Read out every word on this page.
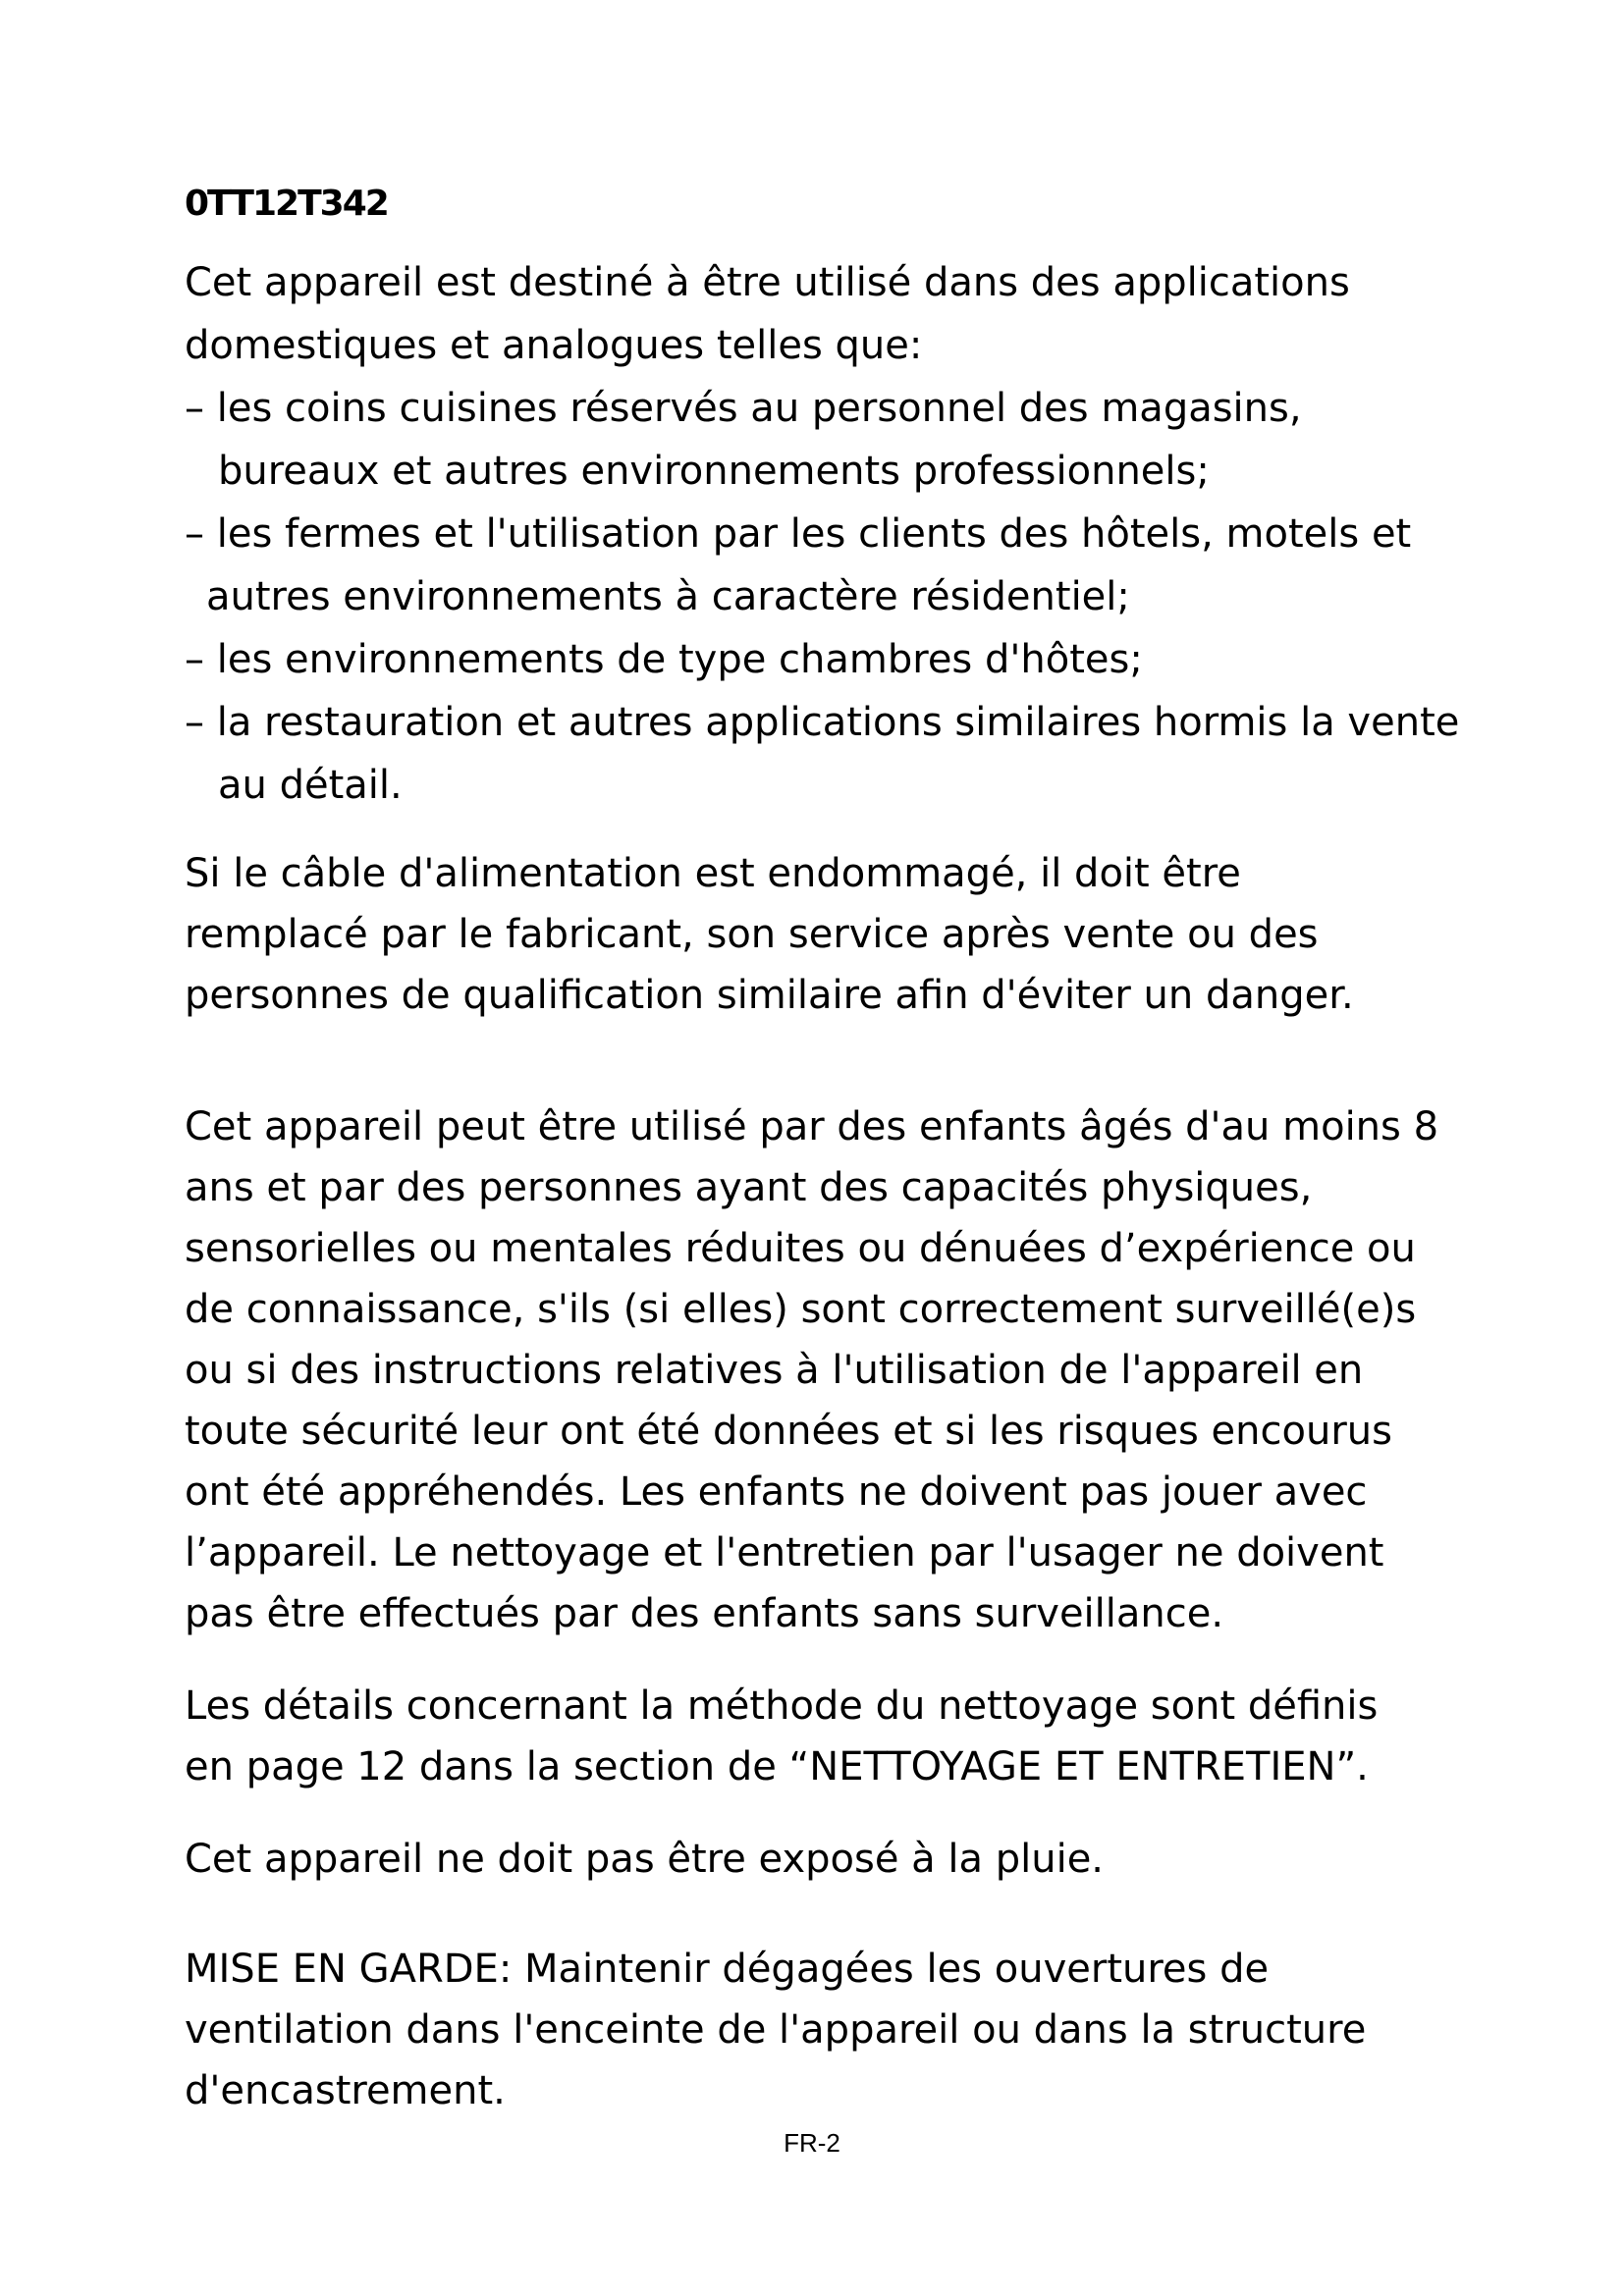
0TT12T342
Cet appareil est destiné à être utilisé dans des applications
domestiques et analogues telles que:
– les coins cuisines réservés au personnel des magasins,
bureaux et autres environnements professionnels;
– les fermes et l'utilisation par les clients des hôtels, motels et
autres environnements à caractère résidentiel;
– les environnements de type chambres d'hôtes;
– la restauration et autres applications similaires hormis la vente
au détail.
Si le câble d'alimentation est endommagé, il doit être
remplacé par le fabricant, son service après vente ou des
personnes de qualification similaire afin d'éviter un danger.
Cet appareil peut être utilisé par des enfants âgés d'au moins 8
ans et par des personnes ayant des capacités physiques,
sensorielles ou mentales réduites ou dénuées d’expérience ou
de connaissance, s'ils (si elles) sont correctement surveillé(e)s
ou si des instructions relatives à l'utilisation de l'appareil en
toute sécurité leur ont été données et si les risques encourus
ont été appréhendés. Les enfants ne doivent pas jouer avec
l’appareil. Le nettoyage et l'entretien par l'usager ne doivent
pas être effectués par des enfants sans surveillance.
Les détails concernant la méthode du nettoyage sont définis
en page 12 dans la section de “NETTOYAGE ET ENTRETIEN”.
Cet appareil ne doit pas être exposé à la pluie.
MISE EN GARDE: Maintenir dégagées les ouvertures de
ventilation dans l'enceinte de l'appareil ou dans la structure
d'encastrement.
FR-2
